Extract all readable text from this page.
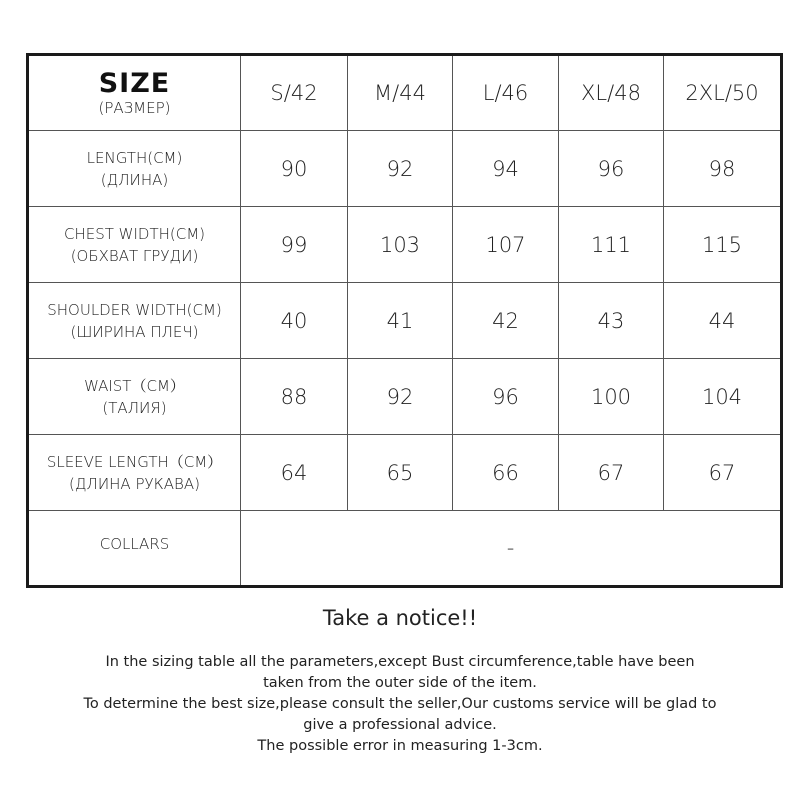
SIZE
(РАЗМЕР)	S/42	M/44	L/46	XL/48	2XL/50

LENGTH(CM)
(ДЛИНА)	90	92	94	96	98

CHEST WIDTH(CM)
(ОБХВАТ ГРУДИ)	99	103	107	111	115

SHOULDER WIDTH(CM)
(ШИРИНА ПЛЕЧ)	40	41	42	43	44

WAIST（CM）
(ТАЛИЯ)	88	92	96	100	104

SLEEVE LENGTH（CM）
(ДЛИНА РУКАВА)	64	65	66	67	67

COLLARS	-				
Take a notice!!
In the sizing table all the parameters,except Bust circumference,table have been
taken from the outer side of the item.
To determine the best size,please consult the seller,Our customs service will be glad to
give a professional advice.
The possible error in measuring 1-3cm.
